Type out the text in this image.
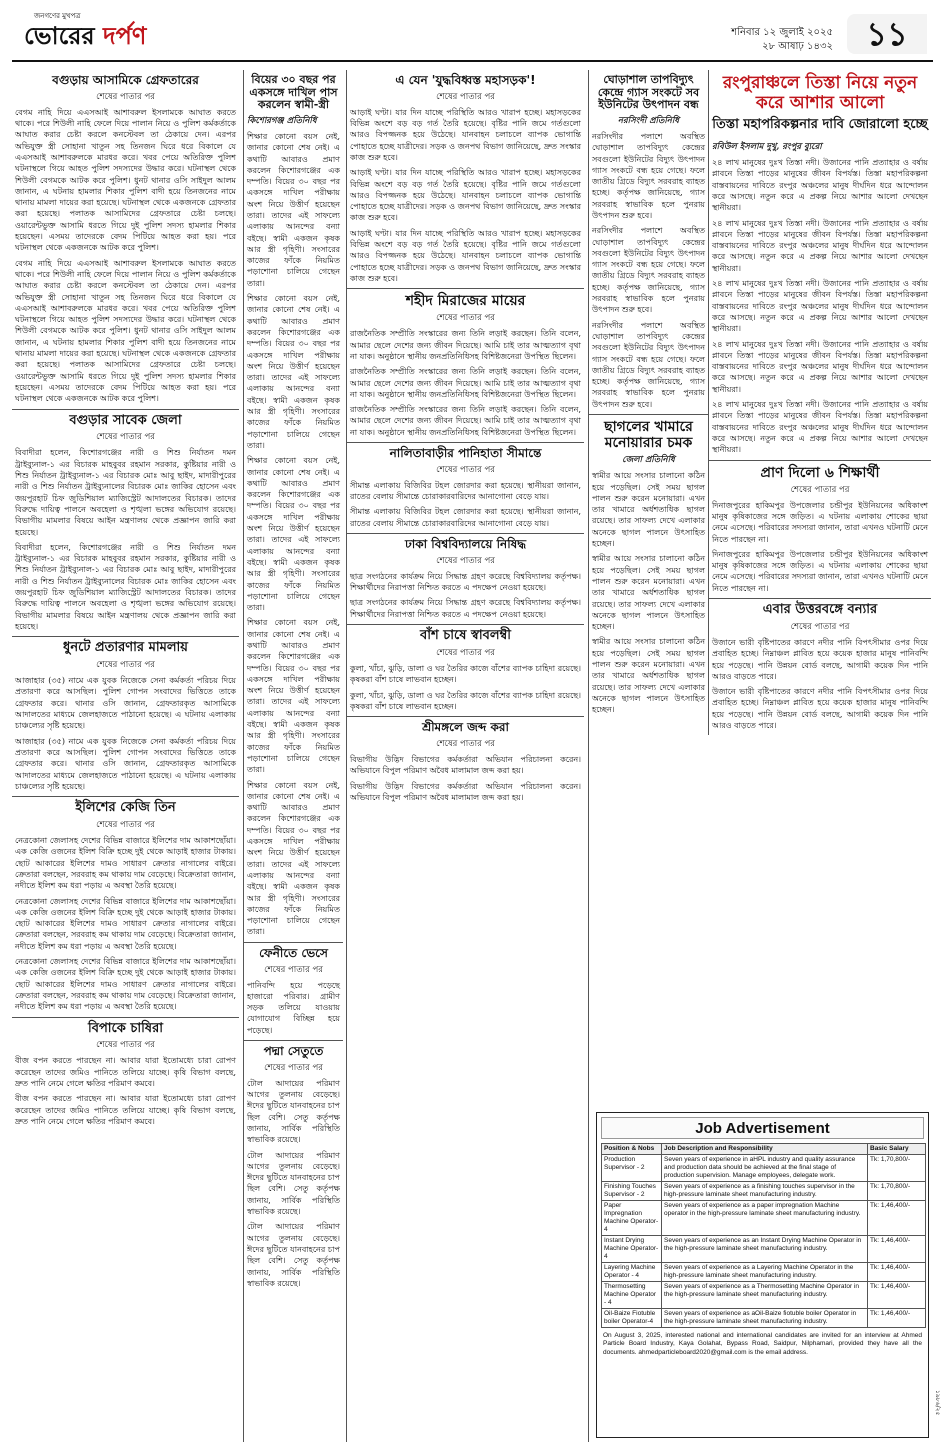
জনগণের মুখপত্র
ভোরের দর্পণ	শনিবার ১২ জুলাই ২০২৫
২৮ আষাঢ় ১৪৩২	১১
বগুড়ায় আসামিকে গ্রেফতারের
শেষের পাতার পর

বেগম নাহি দিয়ে এএসআই আশাবরুল ইসলামকে আঘাত করতে থাকে। পরে শিউলী নাহি ফেলে দিয়ে পালান নিয়ে ও পুলিশ কর্মকর্তাকে আঘাত করার চেষ্টা করলে কনস্টেবল তা ঠেকায়ে দেন। এরপর অভিযুক্ত স্ত্রী সোহানা খাতুন সহ তিনজন ঘিরে ধরে বিকালে যে এএসআই আশাবরুলকে মারধর করে। খবর পেয়ে অতিরিক্ত পুলিশ ঘটনাস্থলে গিয়ে আহত পুলিশ সদস্যদের উদ্ধার করে। ঘটনাস্থল থেকে শিউলী বেগমকে আটক করে পুলিশ। ধুনট থানার ওসি সাইদুল আলম জানান, এ ঘটনায় হামলার শিকার পুলিশ বাদী হয়ে তিনজনের নামে থানায় মামলা দায়ের করা হয়েছে। ঘটনাস্থল থেকে একজনকে গ্রেফতার করা হয়েছে। পলাতক আসামিদের গ্রেফতারে চেষ্টা চলছে। ওয়ারেন্টভুক্ত আসামি ধরতে গিয়ে দুই পুলিশ সদস্য হামলার শিকার হয়েছেন। এসময় তাদেরকে বেদম পিটিয়ে আহত করা হয়। পরে ঘটনাস্থল থেকে একজনকে আটক করে পুলিশ।

বেগম নাহি দিয়ে এএসআই আশাবরুল ইসলামকে আঘাত করতে থাকে। পরে শিউলী নাহি ফেলে দিয়ে পালান নিয়ে ও পুলিশ কর্মকর্তাকে আঘাত করার চেষ্টা করলে কনস্টেবল তা ঠেকায়ে দেন। এরপর অভিযুক্ত স্ত্রী সোহানা খাতুন সহ তিনজন ঘিরে ধরে বিকালে যে এএসআই আশাবরুলকে মারধর করে। খবর পেয়ে অতিরিক্ত পুলিশ ঘটনাস্থলে গিয়ে আহত পুলিশ সদস্যদের উদ্ধার করে। ঘটনাস্থল থেকে শিউলী বেগমকে আটক করে পুলিশ। ধুনট থানার ওসি সাইদুল আলম জানান, এ ঘটনায় হামলার শিকার পুলিশ বাদী হয়ে তিনজনের নামে থানায় মামলা দায়ের করা হয়েছে। ঘটনাস্থল থেকে একজনকে গ্রেফতার করা হয়েছে। পলাতক আসামিদের গ্রেফতারে চেষ্টা চলছে। ওয়ারেন্টভুক্ত আসামি ধরতে গিয়ে দুই পুলিশ সদস্য হামলার শিকার হয়েছেন। এসময় তাদেরকে বেদম পিটিয়ে আহত করা হয়। পরে ঘটনাস্থল থেকে একজনকে আটক করে পুলিশ।

বগুড়ার সাবেক জেলা
শেষের পাতার পর

বিবাদীরা হলেন, কিশোরগঞ্জের নারী ও শিশু নির্যাতন দমন ট্রাইব্যুনাল-১ এর বিচারক মাহবুবর রহমান সরকার, কুষ্টিয়ার নারী ও শিশু নির্যাতন ট্রাইব্যুনাল-১ এর বিচারক মোঃ আবু ছাইদ, মাদারীপুরের নারী ও শিশু নির্যাতন ট্রাইব্যুনালের বিচারক মোঃ জাকির হোসেন এবং জয়পুরহাট চিফ জুডিশিয়াল ম্যাজিস্ট্রেট আদালতের বিচারক। তাদের বিরুদ্ধে দায়িত্ব পালনে অবহেলা ও শৃঙ্খলা ভঙ্গের অভিযোগ রয়েছে। বিভাগীয় মামলার বিষয়ে আইন মন্ত্রণালয় থেকে প্রজ্ঞাপন জারি করা হয়েছে।

বিবাদীরা হলেন, কিশোরগঞ্জের নারী ও শিশু নির্যাতন দমন ট্রাইব্যুনাল-১ এর বিচারক মাহবুবর রহমান সরকার, কুষ্টিয়ার নারী ও শিশু নির্যাতন ট্রাইব্যুনাল-১ এর বিচারক মোঃ আবু ছাইদ, মাদারীপুরের নারী ও শিশু নির্যাতন ট্রাইব্যুনালের বিচারক মোঃ জাকির হোসেন এবং জয়পুরহাট চিফ জুডিশিয়াল ম্যাজিস্ট্রেট আদালতের বিচারক। তাদের বিরুদ্ধে দায়িত্ব পালনে অবহেলা ও শৃঙ্খলা ভঙ্গের অভিযোগ রয়েছে। বিভাগীয় মামলার বিষয়ে আইন মন্ত্রণালয় থেকে প্রজ্ঞাপন জারি করা হয়েছে।

ধুনটে প্রতারণার মামলায়
শেষের পাতার পর

আজাহার (৩৫) নামে এক যুবক নিজেকে সেনা কর্মকর্তা পরিচয় দিয়ে প্রতারণা করে আসছিল। পুলিশ গোপন সংবাদের ভিত্তিতে তাকে গ্রেফতার করে। থানার ওসি জানান, গ্রেফতারকৃত আসামিকে আদালতের মাধ্যমে জেলহাজতে পাঠানো হয়েছে। এ ঘটনায় এলাকায় চাঞ্চল্যের সৃষ্টি হয়েছে।

আজাহার (৩৫) নামে এক যুবক নিজেকে সেনা কর্মকর্তা পরিচয় দিয়ে প্রতারণা করে আসছিল। পুলিশ গোপন সংবাদের ভিত্তিতে তাকে গ্রেফতার করে। থানার ওসি জানান, গ্রেফতারকৃত আসামিকে আদালতের মাধ্যমে জেলহাজতে পাঠানো হয়েছে। এ ঘটনায় এলাকায় চাঞ্চল্যের সৃষ্টি হয়েছে।

ইলিশের কেজি তিন
শেষের পাতার পর

নেত্রকোনা জেলাসহ দেশের বিভিন্ন বাজারে ইলিশের দাম আকাশছোঁয়া। এক কেজি ওজনের ইলিশ বিক্রি হচ্ছে দুই থেকে আড়াই হাজার টাকায়। ছোট আকারের ইলিশের দামও সাধারণ ক্রেতার নাগালের বাইরে। ক্রেতারা বলছেন, সরবরাহ কম থাকায় দাম বেড়েছে। বিক্রেতারা জানান, নদীতে ইলিশ কম ধরা পড়ায় এ অবস্থা তৈরি হয়েছে।

নেত্রকোনা জেলাসহ দেশের বিভিন্ন বাজারে ইলিশের দাম আকাশছোঁয়া। এক কেজি ওজনের ইলিশ বিক্রি হচ্ছে দুই থেকে আড়াই হাজার টাকায়। ছোট আকারের ইলিশের দামও সাধারণ ক্রেতার নাগালের বাইরে। ক্রেতারা বলছেন, সরবরাহ কম থাকায় দাম বেড়েছে। বিক্রেতারা জানান, নদীতে ইলিশ কম ধরা পড়ায় এ অবস্থা তৈরি হয়েছে।

নেত্রকোনা জেলাসহ দেশের বিভিন্ন বাজারে ইলিশের দাম আকাশছোঁয়া। এক কেজি ওজনের ইলিশ বিক্রি হচ্ছে দুই থেকে আড়াই হাজার টাকায়। ছোট আকারের ইলিশের দামও সাধারণ ক্রেতার নাগালের বাইরে। ক্রেতারা বলছেন, সরবরাহ কম থাকায় দাম বেড়েছে। বিক্রেতারা জানান, নদীতে ইলিশ কম ধরা পড়ায় এ অবস্থা তৈরি হয়েছে।

বিপাকে চাষিরা
শেষের পাতার পর

বীজ বপন করতে পারছেন না। আবার যারা ইতোমধ্যে চারা রোপণ করেছেন তাদের জমিও পানিতে তলিয়ে যাচ্ছে। কৃষি বিভাগ বলছে, দ্রুত পানি নেমে গেলে ক্ষতির পরিমাণ কমবে।

বীজ বপন করতে পারছেন না। আবার যারা ইতোমধ্যে চারা রোপণ করেছেন তাদের জমিও পানিতে তলিয়ে যাচ্ছে। কৃষি বিভাগ বলছে, দ্রুত পানি নেমে গেলে ক্ষতির পরিমাণ কমবে।

বিয়ের ৩০ বছর পর একসঙ্গে দাখিল পাস করলেন স্বামী-স্ত্রী
কিশোরগঞ্জ প্রতিনিধি

শিক্ষার কোনো বয়স নেই, জানার কোনো শেষ নেই। এ কথাটি আবারও প্রমাণ করলেন কিশোরগঞ্জের এক দম্পতি। বিয়ের ৩০ বছর পর একসঙ্গে দাখিল পরীক্ষায় অংশ নিয়ে উত্তীর্ণ হয়েছেন তারা। তাদের এই সাফল্যে এলাকায় আনন্দের বন্যা বইছে। স্বামী একজন কৃষক আর স্ত্রী গৃহিণী। সংসারের কাজের ফাঁকে নিয়মিত পড়াশোনা চালিয়ে গেছেন তারা।

শিক্ষার কোনো বয়স নেই, জানার কোনো শেষ নেই। এ কথাটি আবারও প্রমাণ করলেন কিশোরগঞ্জের এক দম্পতি। বিয়ের ৩০ বছর পর একসঙ্গে দাখিল পরীক্ষায় অংশ নিয়ে উত্তীর্ণ হয়েছেন তারা। তাদের এই সাফল্যে এলাকায় আনন্দের বন্যা বইছে। স্বামী একজন কৃষক আর স্ত্রী গৃহিণী। সংসারের কাজের ফাঁকে নিয়মিত পড়াশোনা চালিয়ে গেছেন তারা।

শিক্ষার কোনো বয়স নেই, জানার কোনো শেষ নেই। এ কথাটি আবারও প্রমাণ করলেন কিশোরগঞ্জের এক দম্পতি। বিয়ের ৩০ বছর পর একসঙ্গে দাখিল পরীক্ষায় অংশ নিয়ে উত্তীর্ণ হয়েছেন তারা। তাদের এই সাফল্যে এলাকায় আনন্দের বন্যা বইছে। স্বামী একজন কৃষক আর স্ত্রী গৃহিণী। সংসারের কাজের ফাঁকে নিয়মিত পড়াশোনা চালিয়ে গেছেন তারা।

শিক্ষার কোনো বয়স নেই, জানার কোনো শেষ নেই। এ কথাটি আবারও প্রমাণ করলেন কিশোরগঞ্জের এক দম্পতি। বিয়ের ৩০ বছর পর একসঙ্গে দাখিল পরীক্ষায় অংশ নিয়ে উত্তীর্ণ হয়েছেন তারা। তাদের এই সাফল্যে এলাকায় আনন্দের বন্যা বইছে। স্বামী একজন কৃষক আর স্ত্রী গৃহিণী। সংসারের কাজের ফাঁকে নিয়মিত পড়াশোনা চালিয়ে গেছেন তারা।

শিক্ষার কোনো বয়স নেই, জানার কোনো শেষ নেই। এ কথাটি আবারও প্রমাণ করলেন কিশোরগঞ্জের এক দম্পতি। বিয়ের ৩০ বছর পর একসঙ্গে দাখিল পরীক্ষায় অংশ নিয়ে উত্তীর্ণ হয়েছেন তারা। তাদের এই সাফল্যে এলাকায় আনন্দের বন্যা বইছে। স্বামী একজন কৃষক আর স্ত্রী গৃহিণী। সংসারের কাজের ফাঁকে নিয়মিত পড়াশোনা চালিয়ে গেছেন তারা।

ফেনীতে ভেসে
শেষের পাতার পর

পানিবন্দি হয়ে পড়েছে হাজারো পরিবার। গ্রামীণ সড়ক তলিয়ে যাওয়ায় যোগাযোগ বিচ্ছিন্ন হয়ে পড়েছে।

পদ্মা সেতুতে
শেষের পাতার পর

টোল আদায়ের পরিমাণ আগের তুলনায় বেড়েছে। ঈদের ছুটিতে যানবাহনের চাপ ছিল বেশি। সেতু কর্তৃপক্ষ জানায়, সার্বিক পরিস্থিতি স্বাভাবিক রয়েছে।

টোল আদায়ের পরিমাণ আগের তুলনায় বেড়েছে। ঈদের ছুটিতে যানবাহনের চাপ ছিল বেশি। সেতু কর্তৃপক্ষ জানায়, সার্বিক পরিস্থিতি স্বাভাবিক রয়েছে।

টোল আদায়ের পরিমাণ আগের তুলনায় বেড়েছে। ঈদের ছুটিতে যানবাহনের চাপ ছিল বেশি। সেতু কর্তৃপক্ষ জানায়, সার্বিক পরিস্থিতি স্বাভাবিক রয়েছে।

এ যেন 'যুদ্ধবিধ্বস্ত মহাসড়ক'!
শেষের পাতার পর

আড়াই ঘণ্টা। যার দিন যাচ্ছে পরিস্থিতি আরও খারাপ হচ্ছে। মহাসড়কের বিভিন্ন অংশে বড় বড় গর্ত তৈরি হয়েছে। বৃষ্টির পানি জমে গর্তগুলো আরও বিপজ্জনক হয়ে উঠেছে। যানবাহন চলাচলে ব্যাপক ভোগান্তি পোহাতে হচ্ছে যাত্রীদের। সড়ক ও জনপথ বিভাগ জানিয়েছে, দ্রুত সংস্কার কাজ শুরু হবে।

আড়াই ঘণ্টা। যার দিন যাচ্ছে পরিস্থিতি আরও খারাপ হচ্ছে। মহাসড়কের বিভিন্ন অংশে বড় বড় গর্ত তৈরি হয়েছে। বৃষ্টির পানি জমে গর্তগুলো আরও বিপজ্জনক হয়ে উঠেছে। যানবাহন চলাচলে ব্যাপক ভোগান্তি পোহাতে হচ্ছে যাত্রীদের। সড়ক ও জনপথ বিভাগ জানিয়েছে, দ্রুত সংস্কার কাজ শুরু হবে।

আড়াই ঘণ্টা। যার দিন যাচ্ছে পরিস্থিতি আরও খারাপ হচ্ছে। মহাসড়কের বিভিন্ন অংশে বড় বড় গর্ত তৈরি হয়েছে। বৃষ্টির পানি জমে গর্তগুলো আরও বিপজ্জনক হয়ে উঠেছে। যানবাহন চলাচলে ব্যাপক ভোগান্তি পোহাতে হচ্ছে যাত্রীদের। সড়ক ও জনপথ বিভাগ জানিয়েছে, দ্রুত সংস্কার কাজ শুরু হবে।

শহীদ মিরাজের মায়ের
শেষের পাতার পর

রাজনৈতিক সম্প্রীতি সংস্কারের জন্য তিনি লড়াই করছেন। তিনি বলেন, আমার ছেলে দেশের জন্য জীবন দিয়েছে। আমি চাই তার আত্মত্যাগ বৃথা না যাক। অনুষ্ঠানে স্থানীয় জনপ্রতিনিধিসহ বিশিষ্টজনেরা উপস্থিত ছিলেন।

রাজনৈতিক সম্প্রীতি সংস্কারের জন্য তিনি লড়াই করছেন। তিনি বলেন, আমার ছেলে দেশের জন্য জীবন দিয়েছে। আমি চাই তার আত্মত্যাগ বৃথা না যাক। অনুষ্ঠানে স্থানীয় জনপ্রতিনিধিসহ বিশিষ্টজনেরা উপস্থিত ছিলেন।

রাজনৈতিক সম্প্রীতি সংস্কারের জন্য তিনি লড়াই করছেন। তিনি বলেন, আমার ছেলে দেশের জন্য জীবন দিয়েছে। আমি চাই তার আত্মত্যাগ বৃথা না যাক। অনুষ্ঠানে স্থানীয় জনপ্রতিনিধিসহ বিশিষ্টজনেরা উপস্থিত ছিলেন।

নালিতাবাড়ীর পানিহাতা সীমান্তে
শেষের পাতার পর

সীমান্ত এলাকায় বিজিবির টহল জোরদার করা হয়েছে। স্থানীয়রা জানান, রাতের বেলায় সীমান্তে চোরাকারবারিদের আনাগোনা বেড়ে যায়।

সীমান্ত এলাকায় বিজিবির টহল জোরদার করা হয়েছে। স্থানীয়রা জানান, রাতের বেলায় সীমান্তে চোরাকারবারিদের আনাগোনা বেড়ে যায়।

ঢাকা বিশ্ববিদ্যালয়ে নিষিদ্ধ
শেষের পাতার পর

ছাত্র সংগঠনের কার্যক্রম নিয়ে সিদ্ধান্ত গ্রহণ করেছে বিশ্ববিদ্যালয় কর্তৃপক্ষ। শিক্ষার্থীদের নিরাপত্তা নিশ্চিত করতে এ পদক্ষেপ নেওয়া হয়েছে।

ছাত্র সংগঠনের কার্যক্রম নিয়ে সিদ্ধান্ত গ্রহণ করেছে বিশ্ববিদ্যালয় কর্তৃপক্ষ। শিক্ষার্থীদের নিরাপত্তা নিশ্চিত করতে এ পদক্ষেপ নেওয়া হয়েছে।

বাঁশ চাষে স্বাবলম্বী
শেষের পাতার পর

কুলা, খাঁচা, ঝুড়ি, ডালা ও ঘর তৈরির কাজে বাঁশের ব্যাপক চাহিদা রয়েছে। কৃষকরা বাঁশ চাষে লাভবান হচ্ছেন।

কুলা, খাঁচা, ঝুড়ি, ডালা ও ঘর তৈরির কাজে বাঁশের ব্যাপক চাহিদা রয়েছে। কৃষকরা বাঁশ চাষে লাভবান হচ্ছেন।

শ্রীমঙ্গলে জব্দ করা
শেষের পাতার পর

বিভাগীয় উদ্ভিদ বিভাগের কর্মকর্তারা অভিযান পরিচালনা করেন। অভিযানে বিপুল পরিমাণ অবৈধ মালামাল জব্দ করা হয়।

বিভাগীয় উদ্ভিদ বিভাগের কর্মকর্তারা অভিযান পরিচালনা করেন। অভিযানে বিপুল পরিমাণ অবৈধ মালামাল জব্দ করা হয়।

ঘোড়াশাল তাপবিদ্যুৎ কেন্দ্রে গ্যাস সংকটে সব ইউনিটের উৎপাদন বন্ধ
নরসিংদী প্রতিনিধি

নরসিংদীর পলাশে অবস্থিত ঘোড়াশাল তাপবিদ্যুৎ কেন্দ্রের সবগুলো ইউনিটের বিদ্যুৎ উৎপাদন গ্যাস সংকটে বন্ধ হয়ে গেছে। ফলে জাতীয় গ্রিডে বিদ্যুৎ সরবরাহ ব্যাহত হচ্ছে। কর্তৃপক্ষ জানিয়েছে, গ্যাস সরবরাহ স্বাভাবিক হলে পুনরায় উৎপাদন শুরু হবে।

নরসিংদীর পলাশে অবস্থিত ঘোড়াশাল তাপবিদ্যুৎ কেন্দ্রের সবগুলো ইউনিটের বিদ্যুৎ উৎপাদন গ্যাস সংকটে বন্ধ হয়ে গেছে। ফলে জাতীয় গ্রিডে বিদ্যুৎ সরবরাহ ব্যাহত হচ্ছে। কর্তৃপক্ষ জানিয়েছে, গ্যাস সরবরাহ স্বাভাবিক হলে পুনরায় উৎপাদন শুরু হবে।

নরসিংদীর পলাশে অবস্থিত ঘোড়াশাল তাপবিদ্যুৎ কেন্দ্রের সবগুলো ইউনিটের বিদ্যুৎ উৎপাদন গ্যাস সংকটে বন্ধ হয়ে গেছে। ফলে জাতীয় গ্রিডে বিদ্যুৎ সরবরাহ ব্যাহত হচ্ছে। কর্তৃপক্ষ জানিয়েছে, গ্যাস সরবরাহ স্বাভাবিক হলে পুনরায় উৎপাদন শুরু হবে।

ছাগলের খামারে মনোয়ারার চমক
জেলা প্রতিনিধি

স্বামীর আয়ে সংসার চালানো কঠিন হয়ে পড়েছিল। সেই সময় ছাগল পালন শুরু করেন মনোয়ারা। এখন তার খামারে অর্ধশতাধিক ছাগল রয়েছে। তার সাফল্য দেখে এলাকার অনেকে ছাগল পালনে উৎসাহিত হচ্ছেন।

স্বামীর আয়ে সংসার চালানো কঠিন হয়ে পড়েছিল। সেই সময় ছাগল পালন শুরু করেন মনোয়ারা। এখন তার খামারে অর্ধশতাধিক ছাগল রয়েছে। তার সাফল্য দেখে এলাকার অনেকে ছাগল পালনে উৎসাহিত হচ্ছেন।

স্বামীর আয়ে সংসার চালানো কঠিন হয়ে পড়েছিল। সেই সময় ছাগল পালন শুরু করেন মনোয়ারা। এখন তার খামারে অর্ধশতাধিক ছাগল রয়েছে। তার সাফল্য দেখে এলাকার অনেকে ছাগল পালনে উৎসাহিত হচ্ছেন।

রংপুরাঞ্চলে তিস্তা নিয়ে নতুন করে আশার আলো
তিস্তা মহাপরিকল্পনার দাবি জোরালো হচ্ছে
রবিউল ইসলাম দুখু, রংপুর ব্যুরো

২৪ লাখ মানুষের দুঃখ তিস্তা নদী। উজানের পানি প্রত্যাহার ও বর্ষায় প্লাবনে তিস্তা পাড়ের মানুষের জীবন বিপর্যস্ত। তিস্তা মহাপরিকল্পনা বাস্তবায়নের দাবিতে রংপুর অঞ্চলের মানুষ দীর্ঘদিন ধরে আন্দোলন করে আসছে। নতুন করে এ প্রকল্প নিয়ে আশার আলো দেখছেন স্থানীয়রা।

২৪ লাখ মানুষের দুঃখ তিস্তা নদী। উজানের পানি প্রত্যাহার ও বর্ষায় প্লাবনে তিস্তা পাড়ের মানুষের জীবন বিপর্যস্ত। তিস্তা মহাপরিকল্পনা বাস্তবায়নের দাবিতে রংপুর অঞ্চলের মানুষ দীর্ঘদিন ধরে আন্দোলন করে আসছে। নতুন করে এ প্রকল্প নিয়ে আশার আলো দেখছেন স্থানীয়রা।

২৪ লাখ মানুষের দুঃখ তিস্তা নদী। উজানের পানি প্রত্যাহার ও বর্ষায় প্লাবনে তিস্তা পাড়ের মানুষের জীবন বিপর্যস্ত। তিস্তা মহাপরিকল্পনা বাস্তবায়নের দাবিতে রংপুর অঞ্চলের মানুষ দীর্ঘদিন ধরে আন্দোলন করে আসছে। নতুন করে এ প্রকল্প নিয়ে আশার আলো দেখছেন স্থানীয়রা।

২৪ লাখ মানুষের দুঃখ তিস্তা নদী। উজানের পানি প্রত্যাহার ও বর্ষায় প্লাবনে তিস্তা পাড়ের মানুষের জীবন বিপর্যস্ত। তিস্তা মহাপরিকল্পনা বাস্তবায়নের দাবিতে রংপুর অঞ্চলের মানুষ দীর্ঘদিন ধরে আন্দোলন করে আসছে। নতুন করে এ প্রকল্প নিয়ে আশার আলো দেখছেন স্থানীয়রা।

২৪ লাখ মানুষের দুঃখ তিস্তা নদী। উজানের পানি প্রত্যাহার ও বর্ষায় প্লাবনে তিস্তা পাড়ের মানুষের জীবন বিপর্যস্ত। তিস্তা মহাপরিকল্পনা বাস্তবায়নের দাবিতে রংপুর অঞ্চলের মানুষ দীর্ঘদিন ধরে আন্দোলন করে আসছে। নতুন করে এ প্রকল্প নিয়ে আশার আলো দেখছেন স্থানীয়রা।

প্রাণ দিলো ৬ শিক্ষার্থী
শেষের পাতার পর

দিনাজপুরের হাকিমপুর উপজেলার চন্ডীপুর ইউনিয়নের অধিকাংশ মানুষ কৃষিকাজের সঙ্গে জড়িত। এ ঘটনায় এলাকায় শোকের ছায়া নেমে এসেছে। পরিবারের সদস্যরা জানান, তারা এখনও ঘটনাটি মেনে নিতে পারছেন না।

দিনাজপুরের হাকিমপুর উপজেলার চন্ডীপুর ইউনিয়নের অধিকাংশ মানুষ কৃষিকাজের সঙ্গে জড়িত। এ ঘটনায় এলাকায় শোকের ছায়া নেমে এসেছে। পরিবারের সদস্যরা জানান, তারা এখনও ঘটনাটি মেনে নিতে পারছেন না।

এবার উত্তরবঙ্গে বন্যার
শেষের পাতার পর

উজানে ভারী বৃষ্টিপাতের কারণে নদীর পানি বিপৎসীমার ওপর দিয়ে প্রবাহিত হচ্ছে। নিম্নাঞ্চল প্লাবিত হয়ে কয়েক হাজার মানুষ পানিবন্দি হয়ে পড়েছে। পানি উন্নয়ন বোর্ড বলছে, আগামী কয়েক দিন পানি আরও বাড়তে পারে।

উজানে ভারী বৃষ্টিপাতের কারণে নদীর পানি বিপৎসীমার ওপর দিয়ে প্রবাহিত হচ্ছে। নিম্নাঞ্চল প্লাবিত হয়ে কয়েক হাজার মানুষ পানিবন্দি হয়ে পড়েছে। পানি উন্নয়ন বোর্ড বলছে, আগামী কয়েক দিন পানি আরও বাড়তে পারে।

Job Advertisement
Position & Nobs	Job Description and Responsibility	Basic Salary
Production Supervisor - 2	Seven years of experience in aHPL industry and quality assurance and production data should be achieved at the final stage of production supervision. Manage employees, delegate work.	Tk: 1,70,800/-
Finishing Touches Supervisor - 2	Seven years of experience as a finishing touches supervisor in the high-pressure laminate sheet manufacturing industry.	Tk: 1,70,800/-
Paper Impregnation Machine Operator-4	Seven years of experience as a paper impregnation Machine operator in the high-pressure laminate sheet manufacturing industry.	Tk: 1,46,400/-
Instant Drying Machine Operator-4	Seven years of experience as an Instant Drying Machine Operator in the high-pressure laminate sheet manufacturing industry.	Tk: 1,46,400/-
Layering Machine Operator - 4	Seven years of experience as a Layering Machine Operator in the high-pressure laminate sheet manufacturing industry.	Tk: 1,46,400/-
Thermosetting Machine Operator - 4	Seven years of experience as a Thermosetting Machine Operator in the high-pressure laminate sheet manufacturing industry.	Tk: 1,46,400/-
Oil-Baize Fiotuble boiler Operator-4	Seven years of experience as aOil-Baize fiotuble boiler Operator in the high-pressure laminate sheet manufacturing industry.	Tk: 1,46,400/-
On August 3, 2025, interested national and international candidates are invited for an interview at Ahmed Particle Board Industry, Kaya Golahat, Bypass Road, Saidpur, Nilphamari, provided they have all the documents. ahmedparticleboard2020@gmail.com is the email address.
১৯৮৬/২৫
